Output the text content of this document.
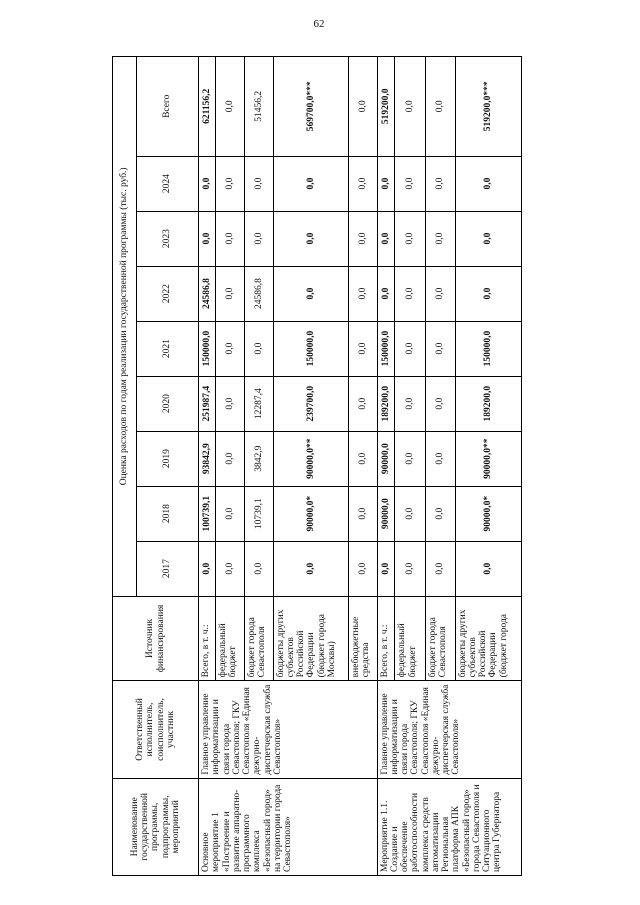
62
Наименование государственной программы, подпрограммы, мероприятий	Ответственный исполнитель, соисполнитель, участник	Источник финансирования	Оценка расходов по годам реализации государственной программы (тыс. руб.)								
			2017	2018	2019	2020	2021	2022	2023	2024	Всего
Основное мероприятие 1 «Построение и развитие аппаратно-программного комплекса «Безопасный город» на территории города Севастополя»	Главное управление информатизации и связи города Севастополя; ГКУ Севастополя «Единая дежурно-диспетчерская служба Севастополя»	Всего, в т. ч.:	0,0	100739,1	93842,9	251987,4	150000,0	24586,8	0,0	0,0	621156,2
		федеральный бюджет	0,0	0,0	0,0	0,0	0,0	0,0	0,0	0,0	0,0
		бюджет города Севастополя	0,0	10739,1	3842,9	12287,4	0,0	24586,8	0,0	0,0	51456,2
		бюджеты других субъектов Российской Федерации (бюджет города Москвы)	0,0	90000,0*	90000,0**	239700,0	150000,0	0,0	0,0	0,0	569700,0***
		внебюджетные средства	0,0	0,0	0,0	0,0	0,0	0,0	0,0	0,0	0,0
Мероприятие 1.1. Создание и обеспечение работоспособности комплекса средств автоматизации Региональная платформа АПК «Безопасный город» города Севастополя и Ситуационного центра Губернатора	Главное управление информатизации и связи города Севастополя; ГКУ Севастополя «Единая дежурно-диспетчерская служба Севастополя»	Всего, в т. ч.:	0,0	90000,0	90000,0	189200,0	150000,0	0,0	0,0	0,0	519200,0
		федеральный бюджет	0,0	0,0	0,0	0,0	0,0	0,0	0,0	0,0	0,0
		бюджет города Севастополя	0,0	0,0	0,0	0,0	0,0	0,0	0,0	0,0	0,0
		бюджеты других субъектов Российской Федерации (бюджет города	0,0	90000,0*	90000,0**	189200,0	150000,0	0,0	0,0	0,0	519200,0***
